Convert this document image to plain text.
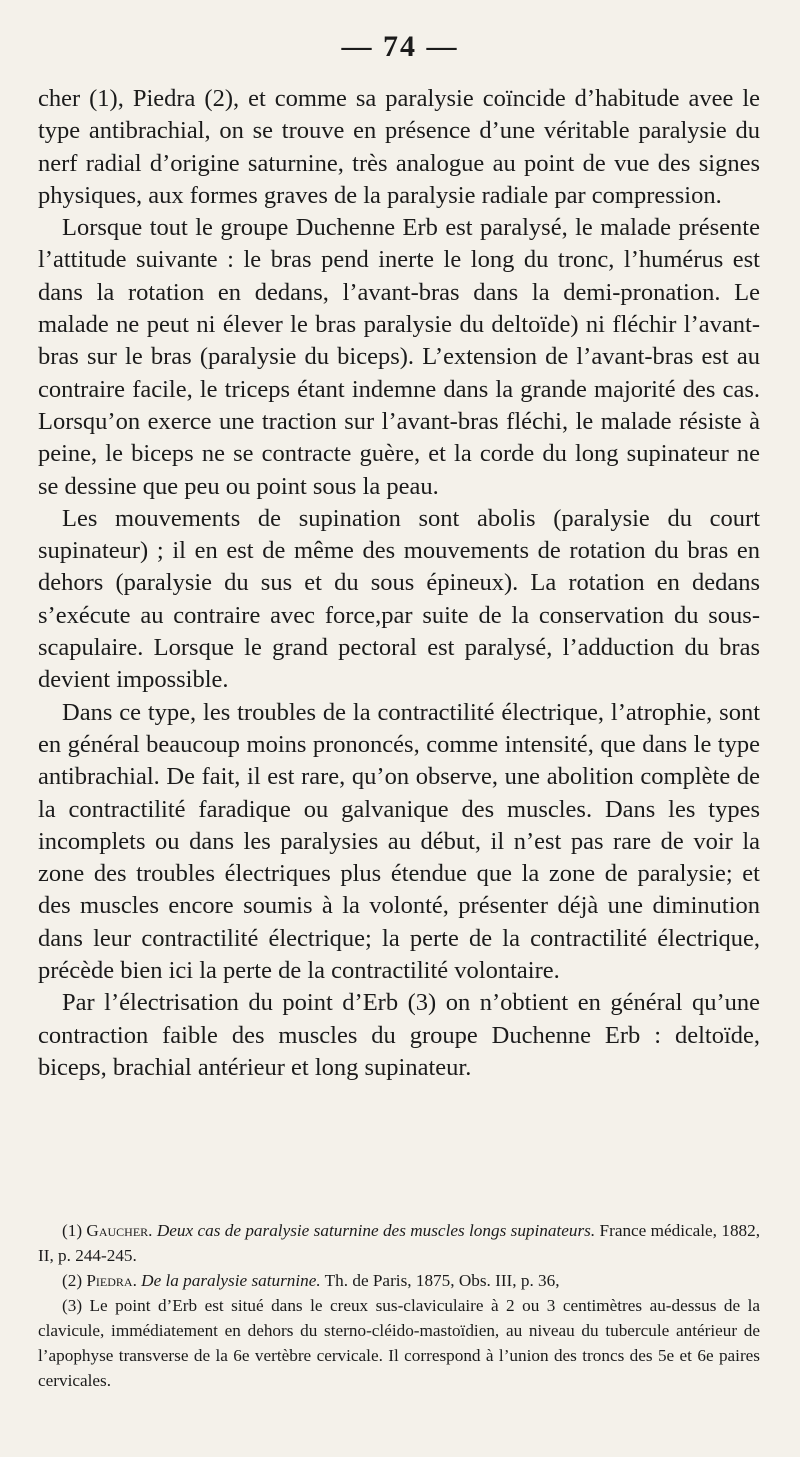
— 74 —

cher (1), Piedra (2), et comme sa paralysie coïncide d’habitude avee le type antibrachial, on se trouve en présence d’une véritable paralysie du nerf radial d’origine saturnine, très analogue au point de vue des signes physiques, aux formes graves de la paralysie radiale par compression.

Lorsque tout le groupe Duchenne Erb est paralysé, le malade présente l’attitude suivante : le bras pend inerte le long du tronc, l’humérus est dans la rotation en dedans, l’avant-bras dans la demi-pronation. Le malade ne peut ni élever le bras paralysie du deltoïde) ni fléchir l’avant-bras sur le bras (paralysie du biceps). L’extension de l’avant-bras est au contraire facile, le triceps étant indemne dans la grande majorité des cas. Lorsqu’on exerce une traction sur l’avant-bras fléchi, le malade résiste à peine, le biceps ne se contracte guère, et la corde du long supinateur ne se dessine que peu ou point sous la peau.

Les mouvements de supination sont abolis (paralysie du court supinateur) ; il en est de même des mouvements de rotation du bras en dehors (paralysie du sus et du sous épineux). La rotation en dedans s’exécute au contraire avec force,par suite de la conservation du sous-scapulaire. Lorsque le grand pectoral est paralysé, l’adduction du bras devient impossible.

Dans ce type, les troubles de la contractilité électrique, l’atrophie, sont en général beaucoup moins prononcés, comme intensité, que dans le type antibrachial. De fait, il est rare, qu’on observe, une abolition complète de la contractilité faradique ou galvanique des muscles. Dans les types incomplets ou dans les paralysies au début, il n’est pas rare de voir la zone des troubles électriques plus étendue que la zone de paralysie; et des muscles encore soumis à la volonté, présenter déjà une diminution dans leur contractilité électrique; la perte de la contractilité électrique, précède bien ici la perte de la contractilité volontaire.

Par l’électrisation du point d’Erb (3) on n’obtient en général qu’une contraction faible des muscles du groupe Duchenne Erb : deltoïde, biceps, brachial antérieur et long supinateur.

(1) Gaucher. Deux cas de paralysie saturnine des muscles longs supinateurs. France médicale, 1882, II, p. 244-245.

(2) Piedra. De la paralysie saturnine. Th. de Paris, 1875, Obs. III, p. 36,

(3) Le point d’Erb est situé dans le creux sus-claviculaire à 2 ou 3 centimètres au-dessus de la clavicule, immédiatement en dehors du sterno-cléido-mastoïdien, au niveau du tubercule antérieur de l’apophyse transverse de la 6e vertèbre cervicale. Il correspond à l’union des troncs des 5e et 6e paires cervicales.
